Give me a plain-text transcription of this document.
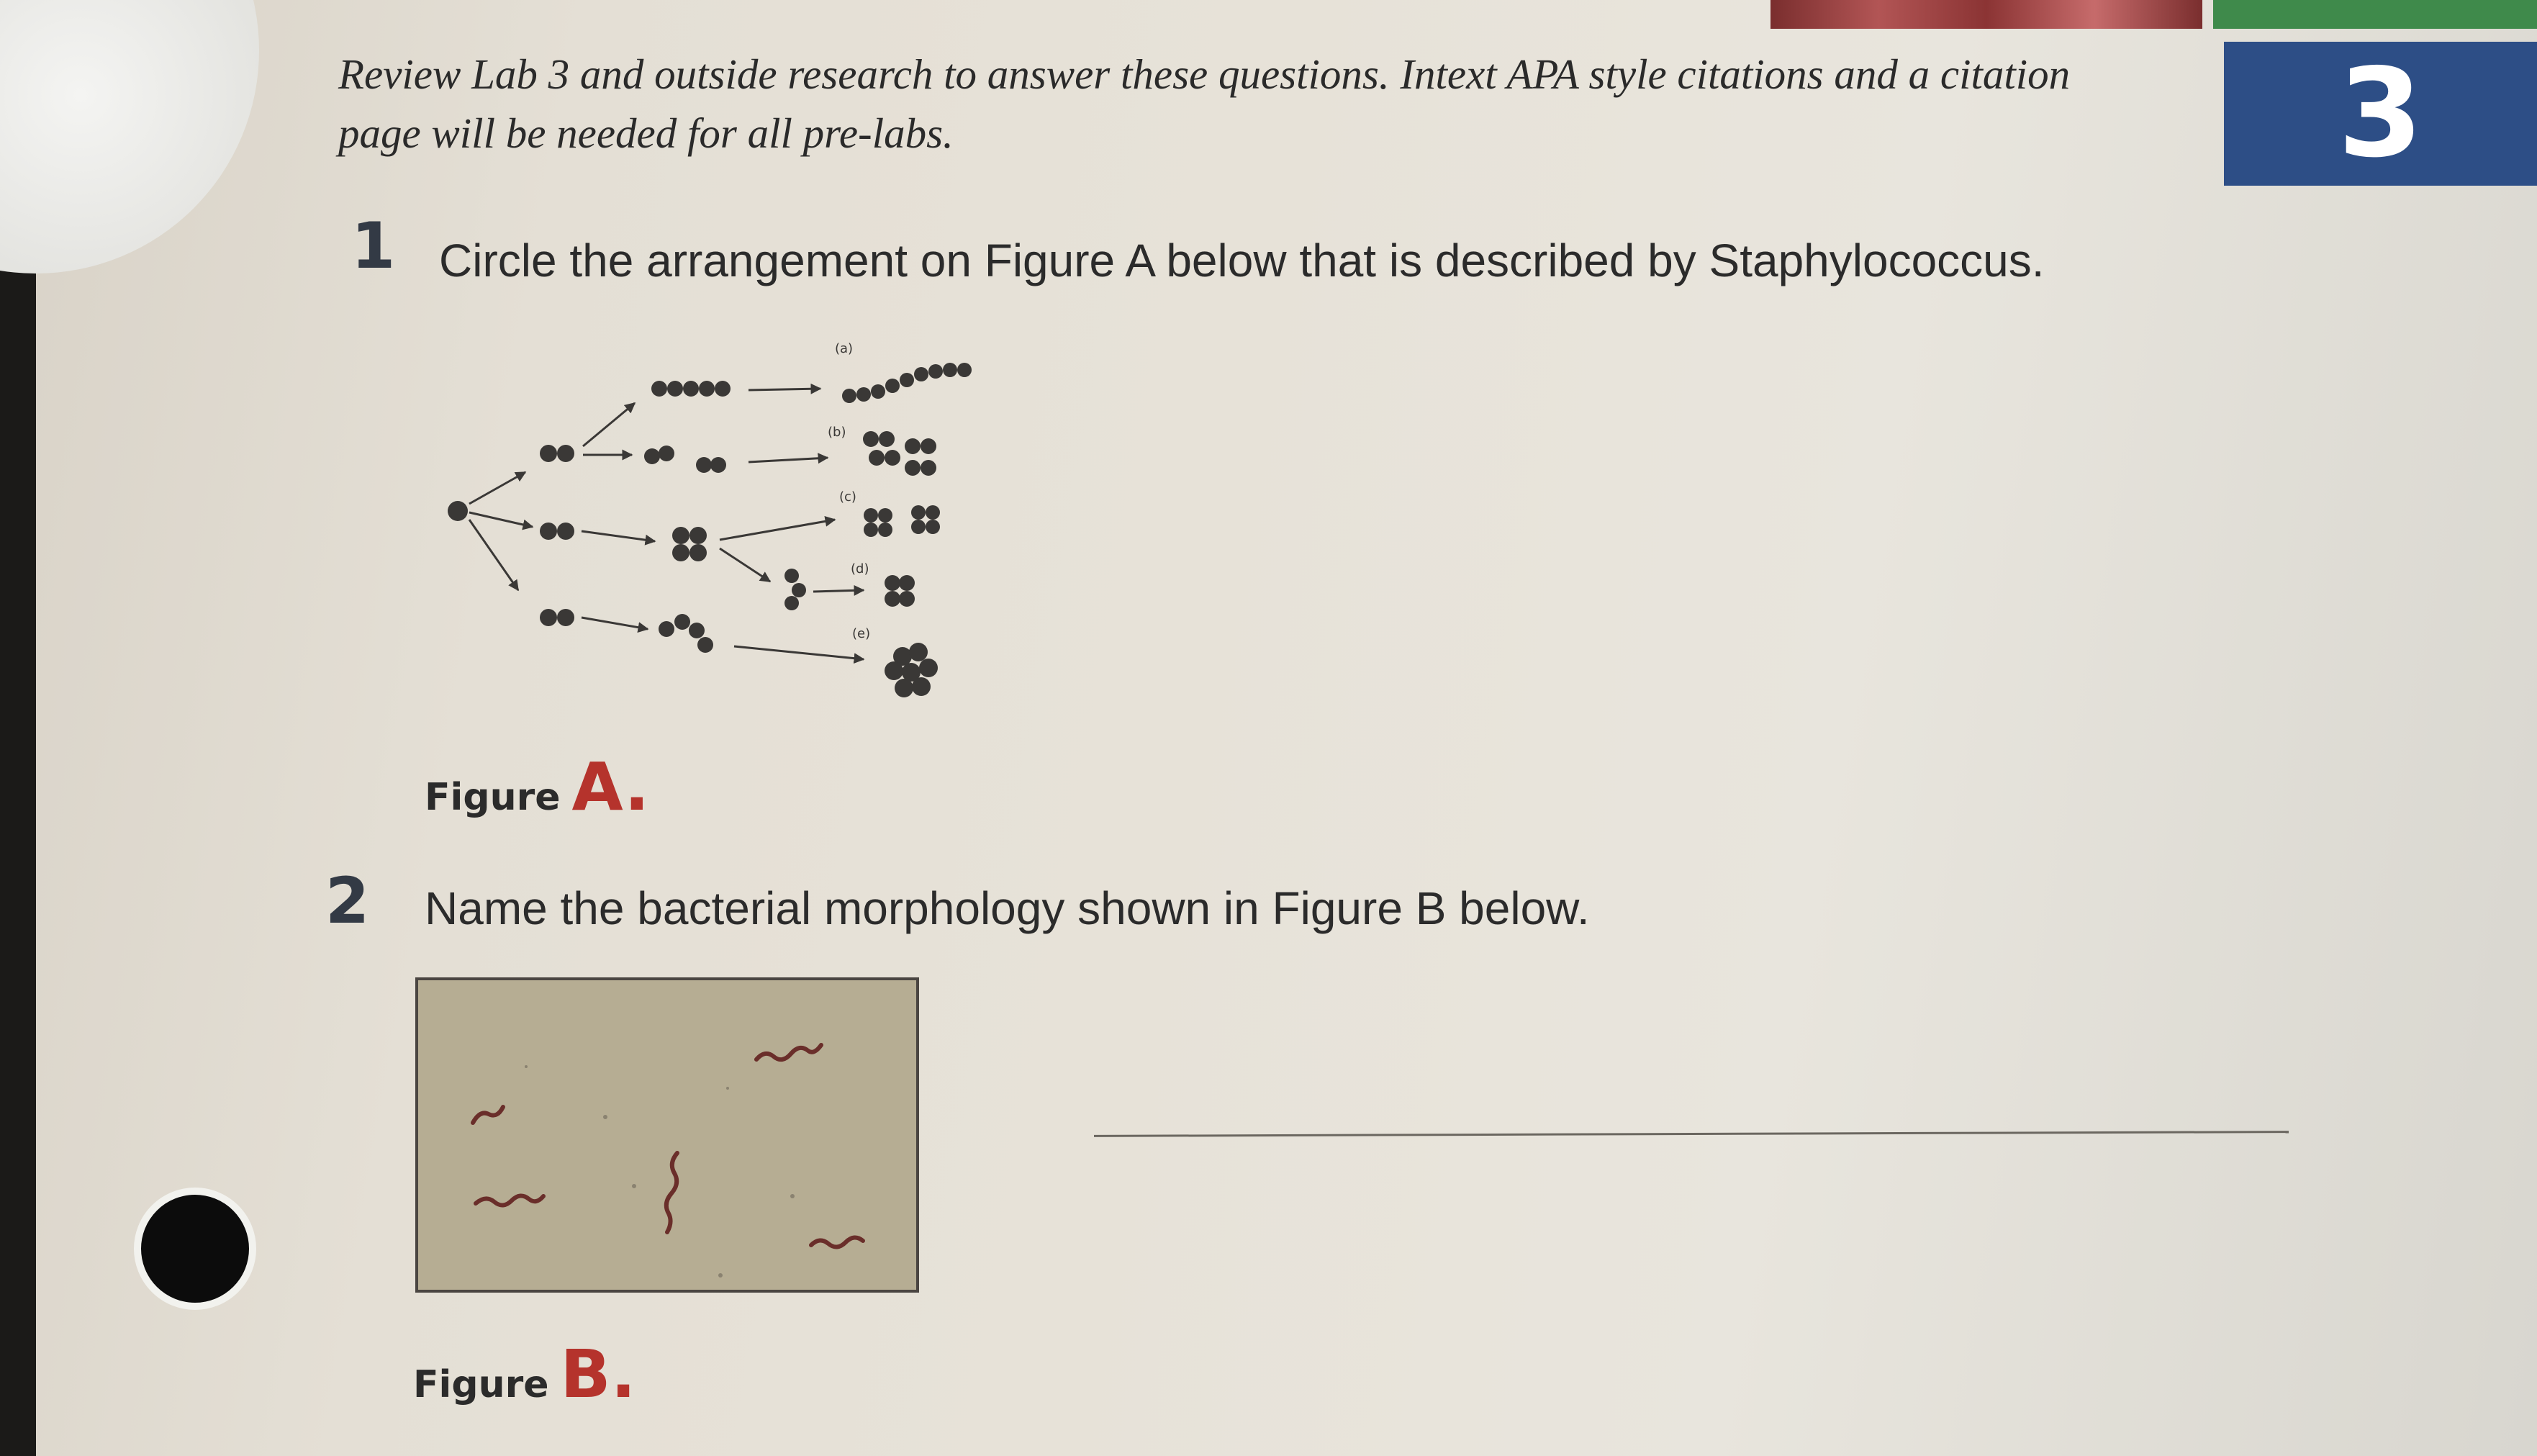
3
Review Lab 3 and outside research to answer these questions. Intext APA style citations and a citation page will be needed for all pre-labs.
1 Circle the arrangement on Figure A below that is described by Staphylococcus.
(a)
(b)
(c)
(d)
(e)
Figure A.
2 Name the bacterial morphology shown in Figure B below.
Figure B.
